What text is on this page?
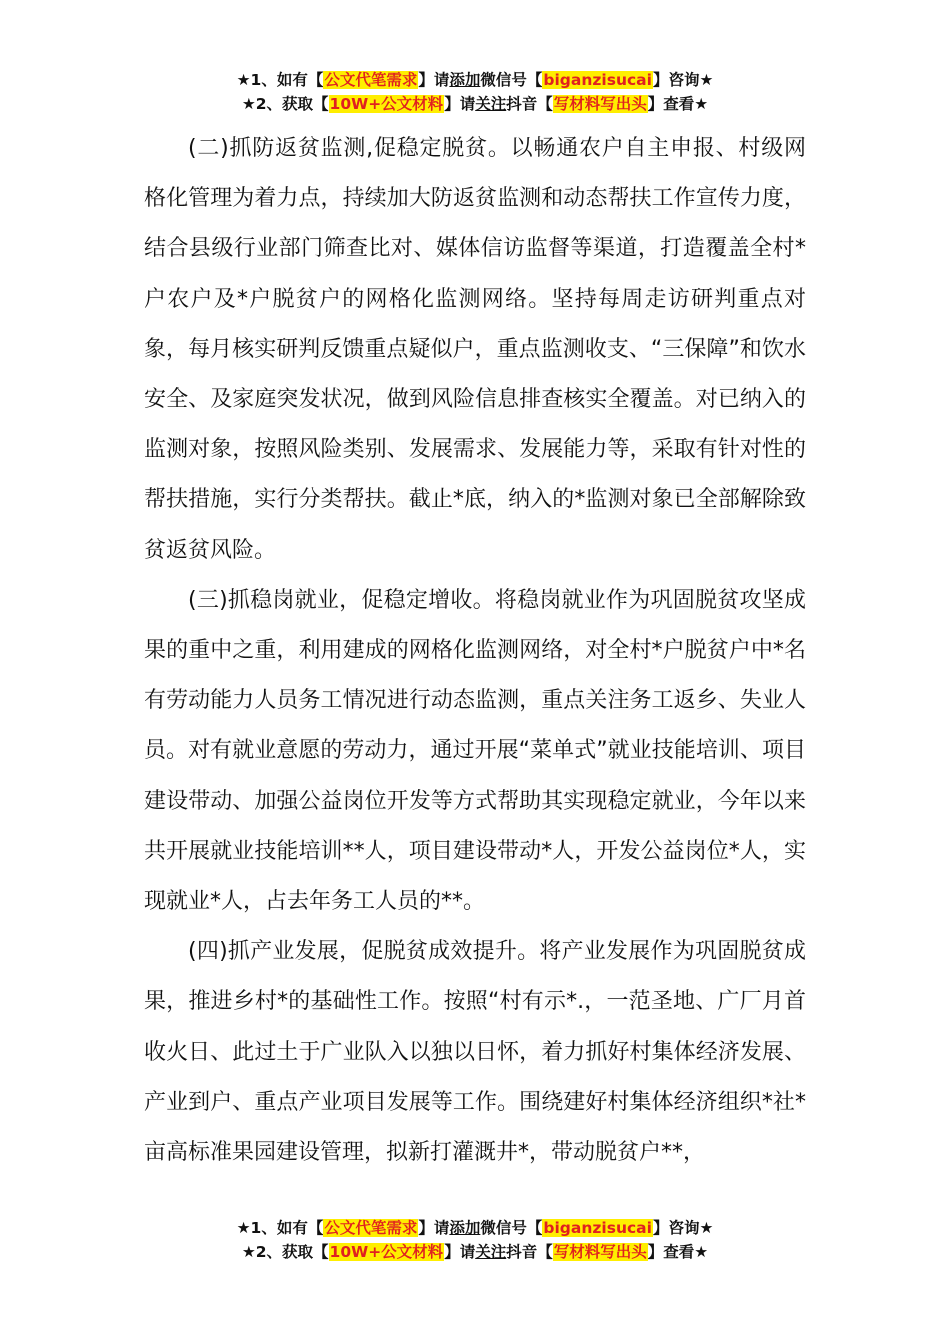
★1、如有【公文代笔需求】请添加微信号【biganzisucai】咨询★
★2、获取【10W+公文材料】请关注抖音【写材料写出头】查看★

(二)抓防返贫监测,促稳定脱贫。以畅通农户自主申报、村级网格化管理为着力点，持续加大防返贫监测和动态帮扶工作宣传力度，结合县级行业部门筛查比对、媒体信访监督等渠道，打造覆盖全村*户农户及*户脱贫户的网格化监测网络。坚持每周走访研判重点对象，每月核实研判反馈重点疑似户，重点监测收支、“三保障”和饮水安全、及家庭突发状况，做到风险信息排查核实全覆盖。对已纳入的监测对象，按照风险类别、发展需求、发展能力等，采取有针对性的帮扶措施，实行分类帮扶。截止*底，纳入的*监测对象已全部解除致贫返贫风险。

(三)抓稳岗就业，促稳定增收。将稳岗就业作为巩固脱贫攻坚成果的重中之重，利用建成的网格化监测网络，对全村*户脱贫户中*名有劳动能力人员务工情况进行动态监测，重点关注务工返乡、失业人员。对有就业意愿的劳动力，通过开展“菜单式”就业技能培训、项目建设带动、加强公益岗位开发等方式帮助其实现稳定就业，今年以来共开展就业技能培训**人，项目建设带动*人，开发公益岗位*人，实现就业*人，占去年务工人员的**。

(四)抓产业发展，促脱贫成效提升。将产业发展作为巩固脱贫成果，推进乡村*的基础性工作。按照“村有示*.，一范圣地、广厂月首收火日、此过土于广业队入以独以日怀，着力抓好村集体经济发展、产业到户、重点产业项目发展等工作。围绕建好村集体经济组织*社*亩高标准果园建设管理，拟新打灌溉井*，带动脱贫户**，

★1、如有【公文代笔需求】请添加微信号【biganzisucai】咨询★
★2、获取【10W+公文材料】请关注抖音【写材料写出头】查看★
